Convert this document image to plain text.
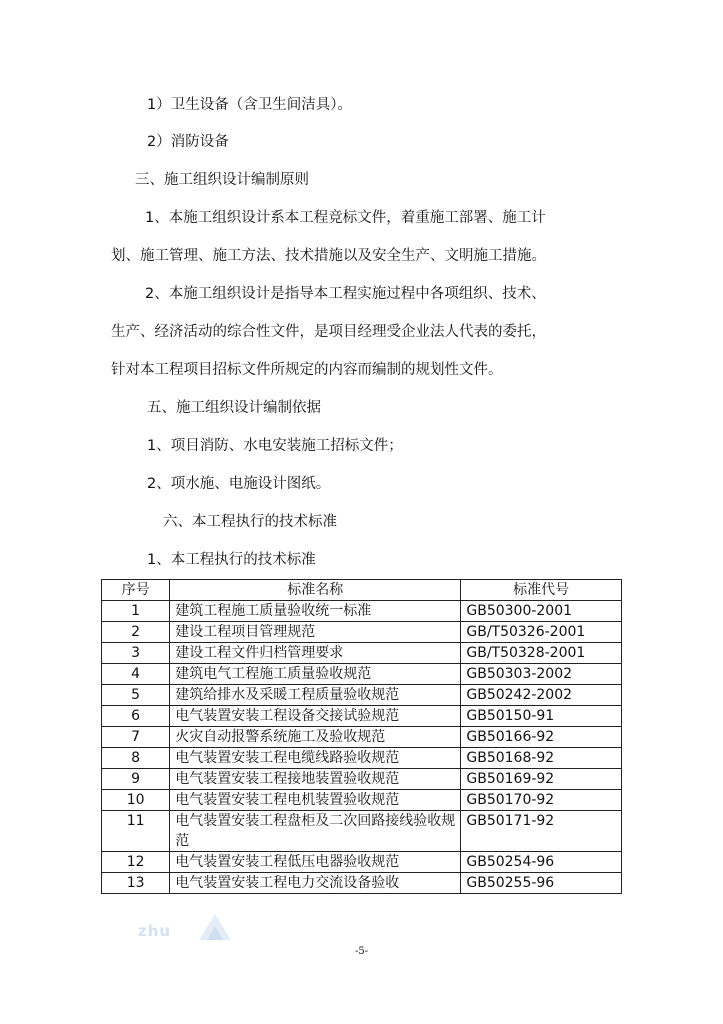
1）卫生设备（含卫生间洁具）。
2）消防设备
三、施工组织设计编制原则
1、本施工组织设计系本工程竞标文件，着重施工部署、施工计
划、施工管理、施工方法、技术措施以及安全生产、文明施工措施。
2、本施工组织设计是指导本工程实施过程中各项组织、技术、
生产、经济活动的综合性文件，是项目经理受企业法人代表的委托，
针对本工程项目招标文件所规定的内容而编制的规划性文件。
五、施工组织设计编制依据
1、项目消防、水电安装施工招标文件；
2、项水施、电施设计图纸。
六、本工程执行的技术标准
1、本工程执行的技术标准
序号	标准名称	标准代号
1	建筑工程施工质量验收统一标准	GB50300-2001
2	建设工程项目管理规范	GB/T50326-2001
3	建设工程文件归档管理要求	GB/T50328-2001
4	建筑电气工程施工质量验收规范	GB50303-2002
5	建筑给排水及采暖工程质量验收规范	GB50242-2002
6	电气装置安装工程设备交接试验规范	GB50150-91
7	火灾自动报警系统施工及验收规范	GB50166-92
8	电气装置安装工程电缆线路验收规范	GB50168-92
9	电气装置安装工程接地装置验收规范	GB50169-92
10	电气装置安装工程电机装置验收规范	GB50170-92
11	电气装置安装工程盘柜及二次回路接线验收规范	GB50171-92
12	电气装置安装工程低压电器验收规范	GB50254-96
13	电气装置安装工程电力交流设备验收	GB50255-96
zhu
-5-
